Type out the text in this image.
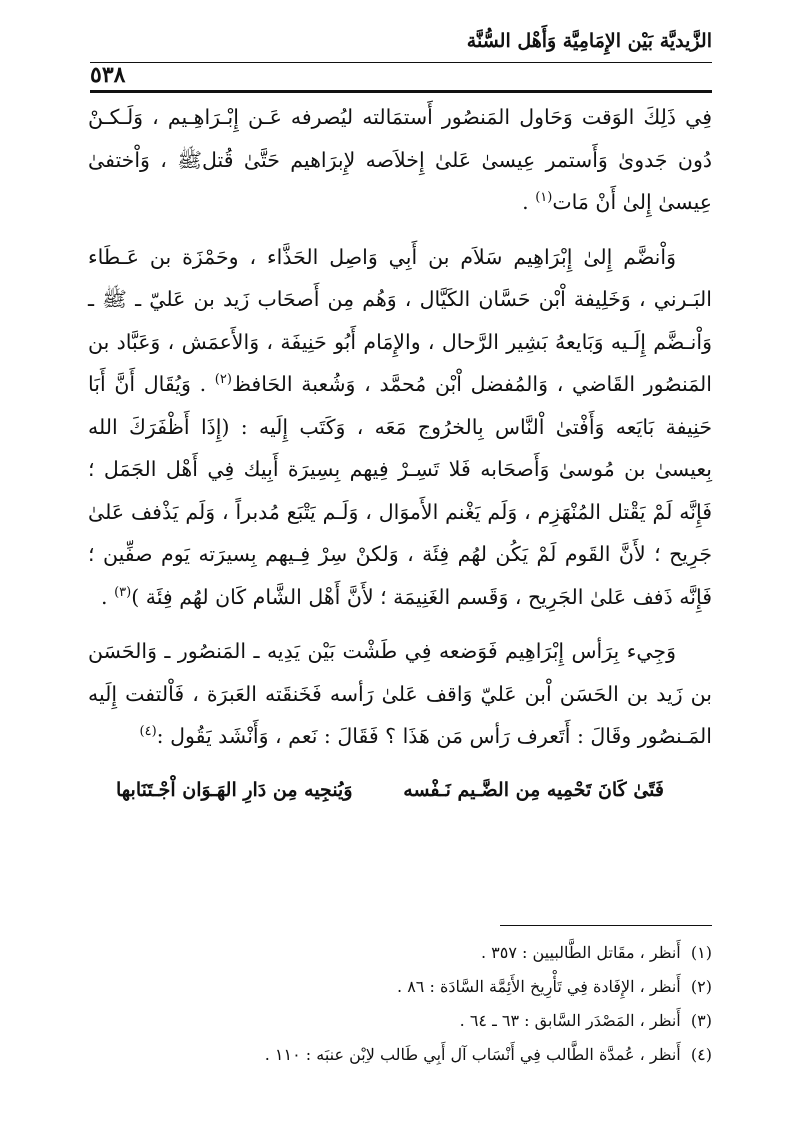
الزَّيديَّة بَيْن الإِمَامِيَّة وَأَهْل السُّنَّة
٥٣٨

فِي ذَلِكَ الوَقت وَحَاول المَنصُور أَستمَالته ليُصرفه عَـن إِبْـرَاهِـيم ، وَلَـكـنْ دُون جَدوىٰ وَأَستمر عِيسىٰ عَلىٰ إِخلاَصه لإِبرَاهيم حَتَّىٰ قُتلﷺ ، وَاْختفىٰ عِيسىٰ إِلىٰ أَنْ مَات$^{(١)}$ .

وَاْنضَّم إِلىٰ إِبْرَاهِيم سَلاَم بن أَبِي وَاصِل الحَذَّاء ، وحَمْزَة بن عَـطَاء البَـرني ، وَخَلِيفة اْبْن حَسَّان الكَيَّال ، وَهُم مِن أَصحَاب زَيد بن عَليّ ـ ﷺ ـ وَاْنـضَّم إِلَـيه وَبَايعهُ بَشِير الرَّحال ، والإِمَام أَبُو حَنِيفَة ، وَالأَعمَش ، وَعَبَّاد بن المَنصُور القَاضي ، وَالمُفضل اْبْن مُحمَّد ، وَشُعبة الحَافظ$^{(٢)}$ . وَيُقَال أَنَّ أَبَا حَنِيفة بَايَعه وَأَفْتىٰ اْلنَّاس بِالخرُوج مَعَه ، وَكَتَب إِلَيه : (إِذَا أَظْفَرَكَ الله بِعيسىٰ بن مُوسىٰ وَأَصحَابه فَلا تَسِـرْ فِيهم بِسِيرَة أَبِيك فِي أَهْل الجَمَل ؛ فَإِنَّه لَمْ يَقْتل المُنْهَزِم ، وَلَم يَغْنم الأَموَال ، وَلَـم يَتْبَع مُدبراً ، وَلَم يَذْفف عَلىٰ جَرِيح ؛ لأَنَّ القَوم لَمْ يَكُن لهُم فِئَة ، وَلكنْ سِرْ فِـيهم بِسيرَته يَوم صفِّين ؛ فَإِنَّه ذَفف عَلىٰ الجَرِيح ، وَقَسم الغَنِيمَة ؛ لأَنَّ أَهْل الشَّام كَان لهُم فِئَة )$^{(٣)}$ .

وَجِيء بِرَأس إِبْرَاهِيم فَوَضعه فِي طَشْت بَيْن يَدِيه ـ المَنصُور ـ وَالحَسَن بن زَيد بن الحَسَن اْبن عَليّ وَاقف عَلىٰ رَأسه فَخَنقَته العَبرَة ، فَاْلتفت إِلَيه المَـنصُور وقَالَ : أَتَعرف رَأس مَن هَذَا ؟ فَقَالَ : نَعم ، وَأَنْشَد يَقُول :$^{(٤)}$

فَتًىٰ كَانَ تَحْمِيه مِن الضَّـيم نَـفْسه
وَيُنجِيه مِن دَارِ الهَـوَان اْجْـتَنَابها

(١)  أَنظر ، مقَاتل الطَّالبيين : ٣٥٧ .

(٢)  أَنظر ، الإِفَادة فِي تَأْرِيخ الأَئِمَّة السَّادَة : ٨٦ .

(٣)  أَنظر ، المَصْدَر السَّابق : ٦٣ ـ ٦٤ .

(٤)  أَنظر ، عُمدَّة الطَّالب فِي أَنْسَاب آل أَبِي طَالب لاِبْن عنبَه : ١١٠ .
